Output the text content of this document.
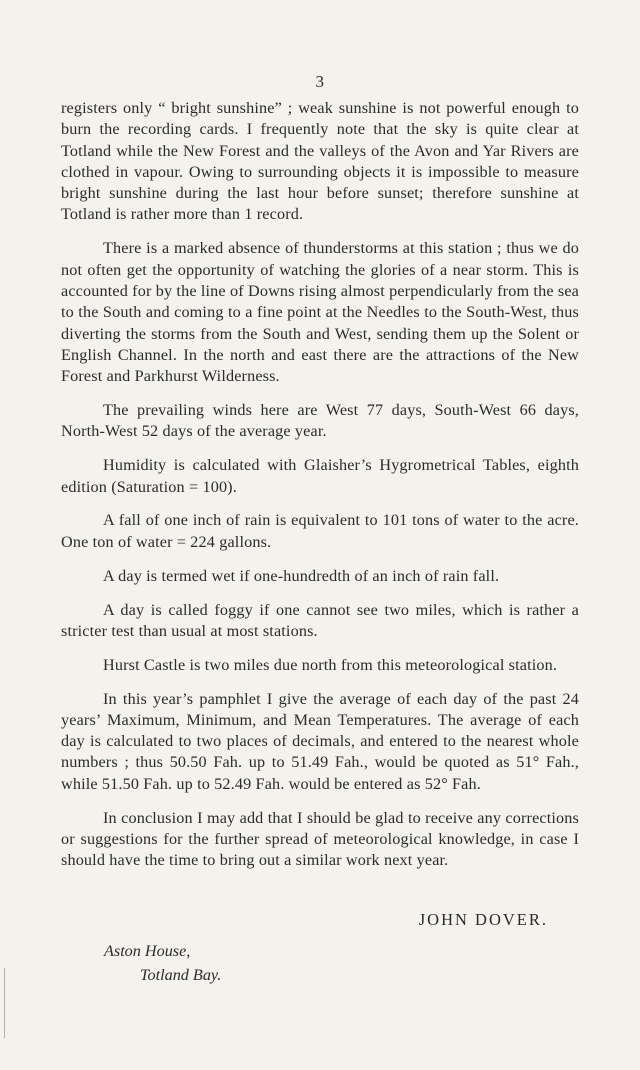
3

registers only “ bright sunshine” ; weak sunshine is not powerful enough to burn the recording cards. I frequently note that the sky is quite clear at Totland while the New Forest and the valleys of the Avon and Yar Rivers are clothed in vapour. Owing to surrounding objects it is impossible to measure bright sunshine during the last hour before sunset; therefore sunshine at Totland is rather more than 1 record.

There is a marked absence of thunderstorms at this station ; thus we do not often get the opportunity of watching the glories of a near storm. This is accounted for by the line of Downs rising almost perpendicularly from the sea to the South and coming to a fine point at the Needles to the South-West, thus diverting the storms from the South and West, sending them up the Solent or English Channel. In the north and east there are the attractions of the New Forest and Parkhurst Wilderness.

The prevailing winds here are West 77 days, South-West 66 days, North-West 52 days of the average year.

Humidity is calculated with Glaisher’s Hygrometrical Tables, eighth edition (Saturation = 100).

A fall of one inch of rain is equivalent to 101 tons of water to the acre. One ton of water = 224 gallons.

A day is termed wet if one-hundredth of an inch of rain fall.

A day is called foggy if one cannot see two miles, which is rather a stricter test than usual at most stations.

Hurst Castle is two miles due north from this meteorological station.

In this year’s pamphlet I give the average of each day of the past 24 years’ Maximum, Minimum, and Mean Temperatures. The average of each day is calculated to two places of decimals, and entered to the nearest whole numbers ; thus 50.50 Fah. up to 51.49 Fah., would be quoted as 51° Fah., while 51.50 Fah. up to 52.49 Fah. would be entered as 52° Fah.

In conclusion I may add that I should be glad to receive any corrections or suggestions for the further spread of meteorological knowledge, in case I should have the time to bring out a similar work next year.

JOHN DOVER.
Aston House,
Totland Bay.
